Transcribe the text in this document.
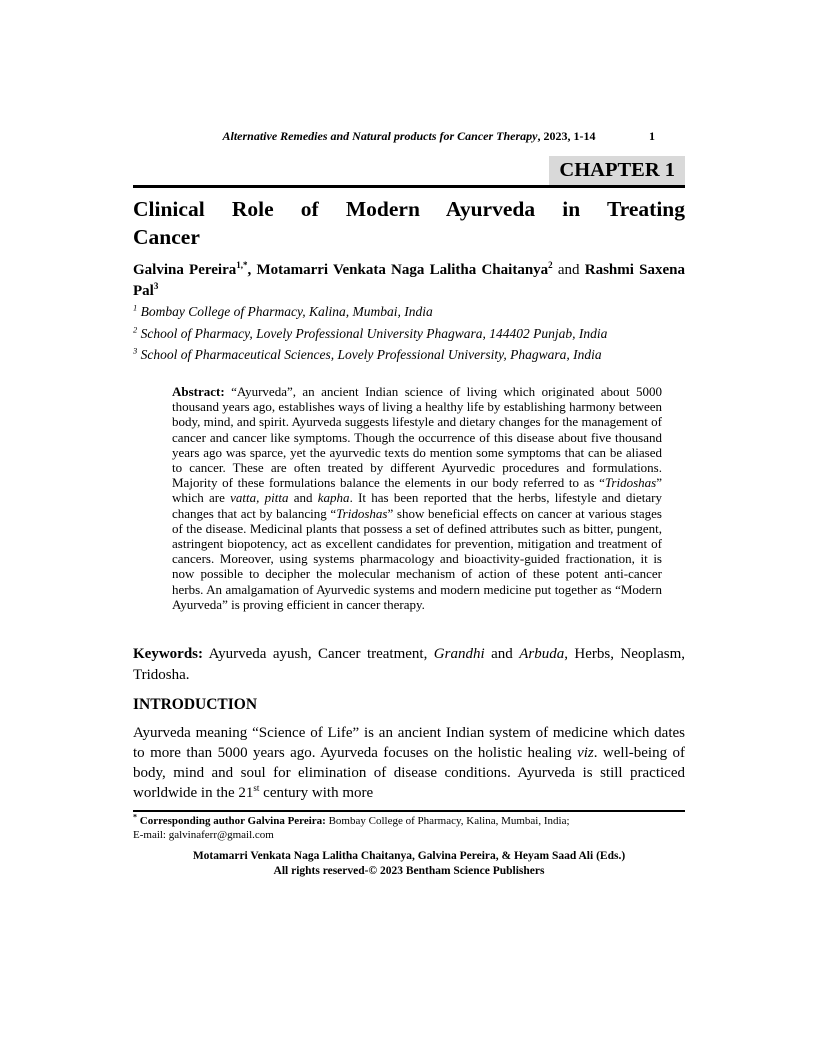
Alternative Remedies and Natural products for Cancer Therapy, 2023, 1-14	1
CHAPTER 1
Clinical Role of Modern Ayurveda in Treating
Cancer
Galvina Pereira$^{1,*}$, Motamarri Venkata Naga Lalitha Chaitanya$^2$ and Rashmi Saxena Pal$^3$
$^1$ Bombay College of Pharmacy, Kalina, Mumbai, India
$^2$ School of Pharmacy, Lovely Professional University Phagwara, 144402 Punjab, India
$^3$ School of Pharmaceutical Sciences, Lovely Professional University, Phagwara, India
Abstract: “Ayurveda”, an ancient Indian science of living which originated about 5000 thousand years ago, establishes ways of living a healthy life by establishing harmony between body, mind, and spirit. Ayurveda suggests lifestyle and dietary changes for the management of cancer and cancer like symptoms. Though the occurrence of this disease about five thousand years ago was sparce, yet the ayurvedic texts do mention some symptoms that can be aliased to cancer. These are often treated by different Ayurvedic procedures and formulations. Majority of these formulations balance the elements in our body referred to as “Tridoshas” which are vatta, pitta and kapha. It has been reported that the herbs, lifestyle and dietary changes that act by balancing “Tridoshas” show beneficial effects on cancer at various stages of the disease. Medicinal plants that possess a set of defined attributes such as bitter, pungent, astringent biopotency, act as excellent candidates for prevention, mitigation and treatment of cancers. Moreover, using systems pharmacology and bioactivity-guided fractionation, it is now possible to decipher the molecular mechanism of action of these potent anti-cancer herbs. An amalgamation of Ayurvedic systems and modern medicine put together as “Modern Ayurveda” is proving efficient in cancer therapy.

Keywords: Ayurveda ayush, Cancer treatment, Grandhi and Arbuda, Herbs, Neoplasm, Tridosha.

INTRODUCTION

Ayurveda meaning “Science of Life” is an ancient Indian system of medicine which dates to more than 5000 years ago. Ayurveda focuses on the holistic healing viz. well-being of body, mind and soul for elimination of disease conditions. Ayurveda is still practiced worldwide in the 21st century with more

* Corresponding author Galvina Pereira: Bombay College of Pharmacy, Kalina, Mumbai, India;
E-mail: galvinaferr@gmail.com
Motamarri Venkata Naga Lalitha Chaitanya, Galvina Pereira, & Heyam Saad Ali (Eds.)
All rights reserved-© 2023 Bentham Science Publishers
